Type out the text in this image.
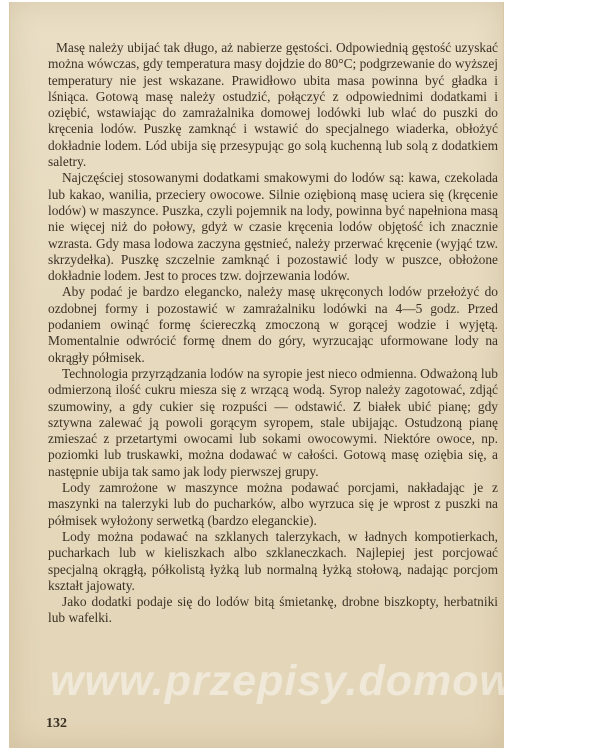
Masę należy ubijać tak długo, aż nabierze gęstości. Odpowiednią gęstość uzyskać można wówczas, gdy temperatura masy dojdzie do 80°C; podgrzewanie do wyższej temperatury nie jest wskazane. Prawidłowo ubita masa powinna być gładka i lśniąca. Gotową masę należy ostudzić, połączyć z odpowiednimi dodatkami i oziębić, wstawiając do zamrażalnika domowej lodówki lub wlać do puszki do kręcenia lodów. Puszkę zamknąć i wstawić do specjalnego wiaderka, obłożyć dokładnie lodem. Lód ubija się przesypując go solą kuchenną lub solą z dodatkiem saletry.

Najczęściej stosowanymi dodatkami smakowymi do lodów są: kawa, czekolada lub kakao, wanilia, przeciery owocowe. Silnie oziębioną masę uciera się (kręcenie lodów) w maszynce. Puszka, czyli pojemnik na lody, powinna być napełniona masą nie więcej niż do połowy, gdyż w czasie kręcenia lodów objętość ich znacznie wzrasta. Gdy masa lodowa zaczyna gęstnieć, należy przerwać kręcenie (wyjąć tzw. skrzydełka). Puszkę szczelnie zamknąć i pozostawić lody w puszce, obłożone dokładnie lodem. Jest to proces tzw. dojrzewania lodów.

Aby podać je bardzo elegancko, należy masę ukręconych lodów przełożyć do ozdobnej formy i pozostawić w zamrażalniku lodówki na 4—5 godz. Przed podaniem owinąć formę ściereczką zmoczoną w gorącej wodzie i wyjętą. Momentalnie odwrócić formę dnem do góry, wyrzucając uformowane lody na okrągły półmisek.

Technologia przyrządzania lodów na syropie jest nieco odmienna. Odważoną lub odmierzoną ilość cukru miesza się z wrzącą wodą. Syrop należy zagotować, zdjąć szumowiny, a gdy cukier się rozpuści — odstawić. Z białek ubić pianę; gdy sztywna zalewać ją powoli gorącym syropem, stale ubijając. Ostudzoną pianę zmieszać z przetartymi owocami lub sokami owocowymi. Niektóre owoce, np. poziomki lub truskawki, można dodawać w całości. Gotową masę oziębia się, a następnie ubija tak samo jak lody pierwszej grupy.

Lody zamrożone w maszynce można podawać porcjami, nakładając je z maszynki na talerzyki lub do pucharków, albo wyrzuca się je wprost z puszki na półmisek wyłożony serwetką (bardzo eleganckie).

Lody można podawać na szklanych talerzykach, w ładnych kompotierkach, pucharkach lub w kieliszkach albo szklaneczkach. Najlepiej jest porcjować specjalną okrągłą, półkolistą łyżką lub normalną łyżką stołową, nadając porcjom kształt jajowaty.

Jako dodatki podaje się do lodów bitą śmietankę, drobne biszkopty, herbatniki lub wafelki.

www.przepisy.domowe.pl
132
